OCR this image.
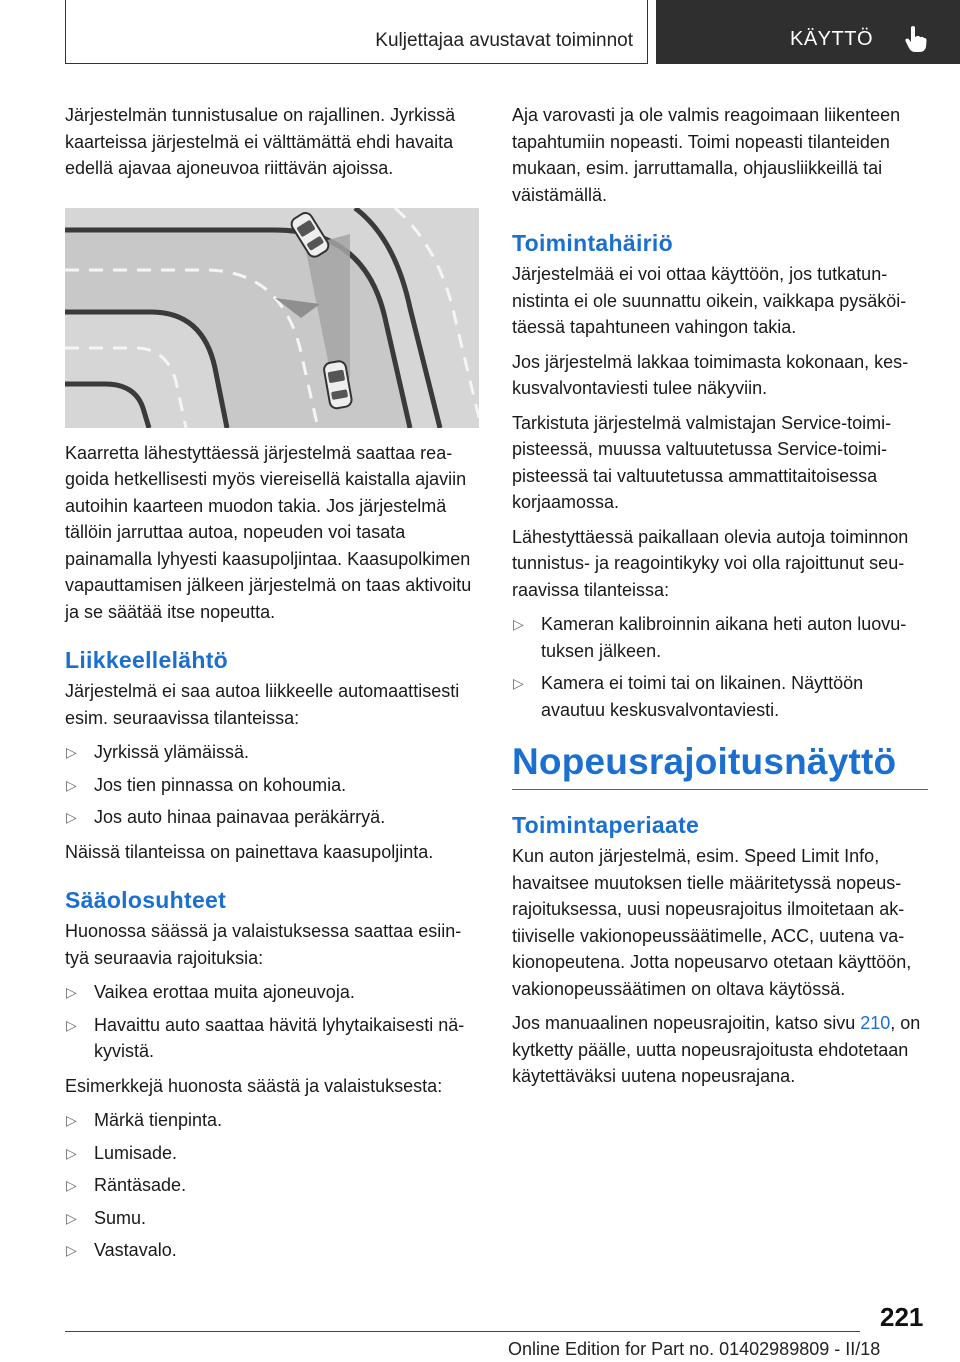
Kuljettajaa avustavat toiminnot	KÄYTTÖ

Järjestelmän tunnistusalue on rajallinen. Jyrkissä kaarteissa järjestelmä ei välttämättä ehdi havaita edellä ajavaa ajoneuvoa riittävän ajoissa.

Kaarretta lähestyttäessä järjestelmä saattaa reagoida hetkellisesti myös viereisellä kaistalla ajaviin autoihin kaarteen muodon takia. Jos järjestelmä tällöin jarruttaa autoa, nopeuden voi tasata painamalla lyhyesti kaasupoljintaa. Kaasupolkimen vapauttamisen jälkeen järjestelmä on taas aktivoitu ja se säätää itse nopeutta.

Liikkeellelähtö

Järjestelmä ei saa autoa liikkeelle automaattisesti esim. seuraavissa tilanteissa:

▷ Jyrkissä ylämäissä.
▷ Jos tien pinnassa on kohoumia.
▷ Jos auto hinaa painavaa peräkärryä.

Näissä tilanteissa on painettava kaasupoljinta.

Sääolosuhteet

Huonossa säässä ja valaistuksessa saattaa esiintyä seuraavia rajoituksia:

▷ Vaikea erottaa muita ajoneuvoja.
▷ Havaittu auto saattaa hävitä lyhytaikaisesti näkyvistä.

Esimerkkejä huonosta säästä ja valaistuksesta:

▷ Märkä tienpinta.
▷ Lumisade.
▷ Räntäsade.
▷ Sumu.
▷ Vastavalo.

Aja varovasti ja ole valmis reagoimaan liikenteen tapahtumiin nopeasti. Toimi nopeasti tilanteiden mukaan, esim. jarruttamalla, ohjausliikkeillä tai väistämällä.

Toimintahäiriö

Järjestelmää ei voi ottaa käyttöön, jos tutkatunnistinta ei ole suunnattu oikein, vaikkapa pysäköitäessä tapahtuneen vahingon takia.

Jos järjestelmä lakkaa toimimasta kokonaan, keskusvalvontaviesti tulee näkyviin.

Tarkistuta järjestelmä valmistajan Service-toimipisteessä, muussa valtuutetussa Service-toimipisteessä tai valtuutetussa ammattitaitoisessa korjaamossa.

Lähestyttäessä paikallaan olevia autoja toiminnon tunnistus- ja reagointikyky voi olla rajoittunut seuraavissa tilanteissa:

▷ Kameran kalibroinnin aikana heti auton luovutuksen jälkeen.
▷ Kamera ei toimi tai on likainen. Näyttöön avautuu keskusvalvontaviesti.
Nopeusrajoitusnäyttö
Toimintaperiaate

Kun auton järjestelmä, esim. Speed Limit Info, havaitsee muutoksen tielle määritetyssä nopeusrajoituksessa, uusi nopeusrajoitus ilmoitetaan aktiiviselle vakionopeussäätimelle, ACC, uutena vakionopeutena. Jotta nopeusarvo otetaan käyttöön, vakionopeussäätimen on oltava käytössä.

Jos manuaalinen nopeusrajoitin, katso sivu 210, on kytketty päälle, uutta nopeusrajoitusta ehdotetaan käytettäväksi uutena nopeusrajana.

221
Online Edition for Part no. 01402989809 - II/18
